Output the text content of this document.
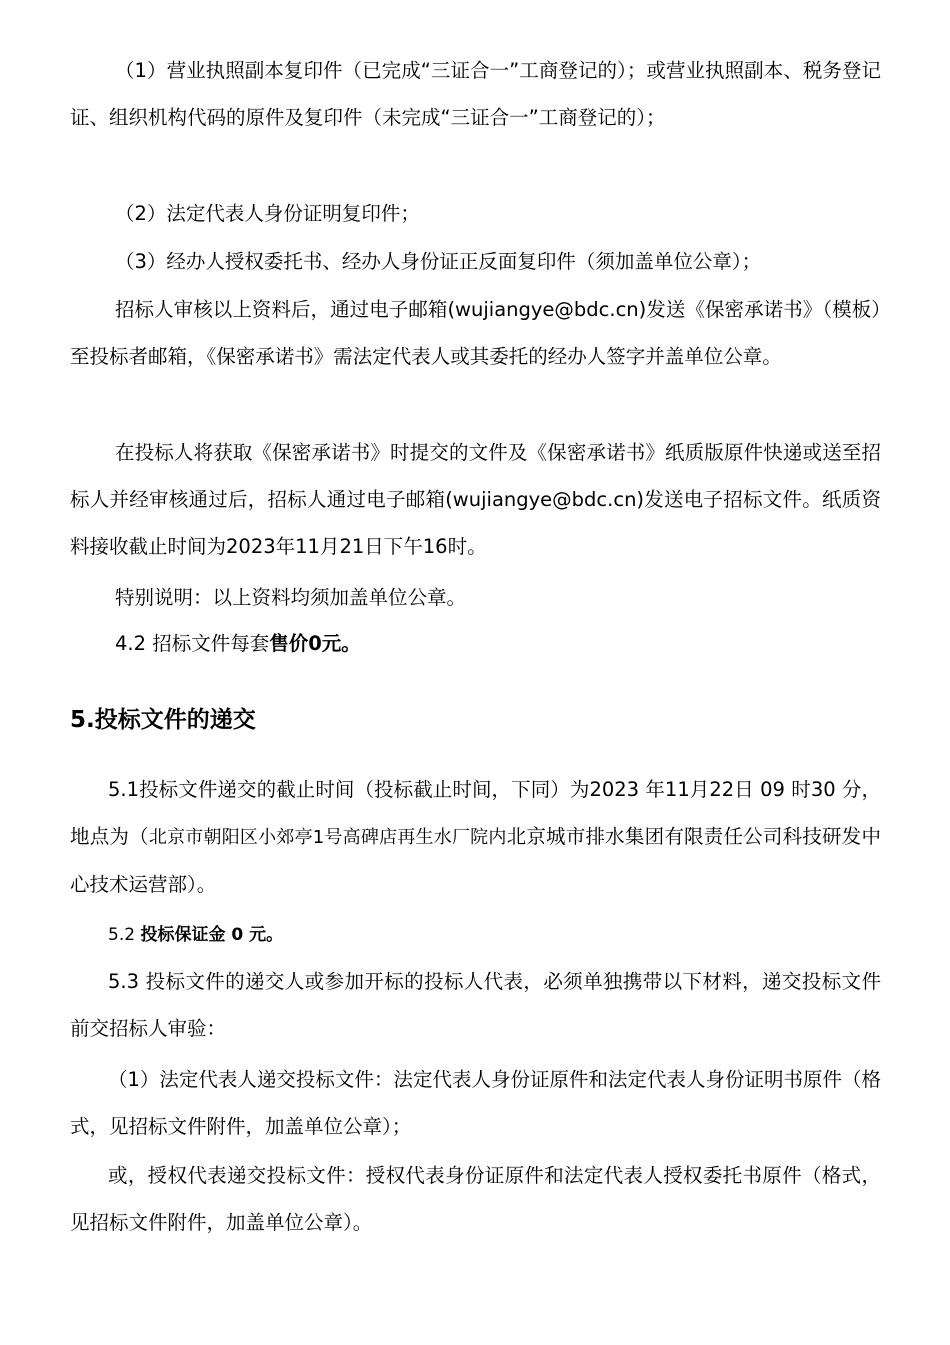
（1）营业执照副本复印件（已完成“三证合一”工商登记的）；或营业执照副本、税务登记证、组织机构代码的原件及复印件（未完成“三证合一”工商登记的）；

（2）法定代表人身份证明复印件；

（3）经办人授权委托书、经办人身份证正反面复印件（须加盖单位公章）；

招标人审核以上资料后，通过电子邮箱(wujiangye@bdc.cn)发送《保密承诺书》（模板）至投标者邮箱，《保密承诺书》需法定代表人或其委托的经办人签字并盖单位公章。

在投标人将获取《保密承诺书》时提交的文件及《保密承诺书》纸质版原件快递或送至招标人并经审核通过后，招标人通过电子邮箱(wujiangye@bdc.cn)发送电子招标文件。纸质资料接收截止时间为2023年11月21日下午16时。

特别说明：以上资料均须加盖单位公章。

4.2 招标文件每套售价0元。

5.投标文件的递交

5.1投标文件递交的截止时间（投标截止时间，下同）为2023 年11月22日 09 时30 分，地点为（北京市朝阳区小郊亭1号高碑店再生水厂院内北京城市排水集团有限责任公司科技研发中心技术运营部）。

5.2 投标保证金 0 元。

5.3 投标文件的递交人或参加开标的投标人代表，必须单独携带以下材料，递交投标文件前交招标人审验：

（1）法定代表人递交投标文件：法定代表人身份证原件和法定代表人身份证明书原件（格式，见招标文件附件，加盖单位公章）；

或，授权代表递交投标文件：授权代表身份证原件和法定代表人授权委托书原件（格式，见招标文件附件，加盖单位公章）。
